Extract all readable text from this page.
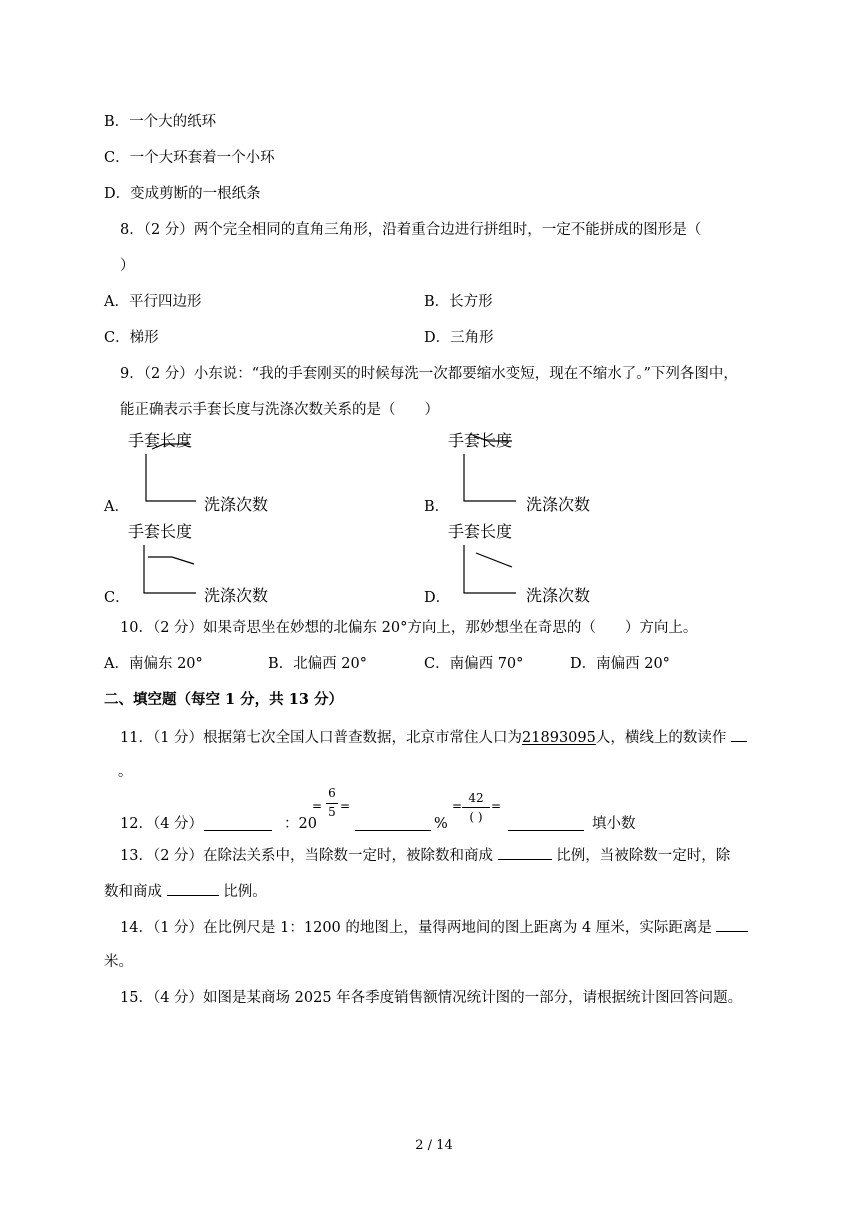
B．一个大的纸环
C．一个大环套着一个小环
D．变成剪断的一根纸条
8．（2 分）两个完全相同的直角三角形，沿着重合边进行拼组时，一定不能拼成的图形是（
）
A．平行四边形	B．长方形
C．梯形	D．三角形
9．（2 分）小东说：“我的手套刚买的时候每洗一次都要缩水变短，现在不缩水了。”下列各图中，
能正确表示手套长度与洗涤次数关系的是（　　）
A．
手套长度
洗涤次数	B．
手套长度
洗涤次数
C．
手套长度
洗涤次数	D．
手套长度
洗涤次数
10．（2 分）如果奇思坐在妙想的北偏东 20°方向上，那妙想坐在奇思的（　　）方向上。
A．南偏东 20°	B．北偏西 20°	C．南偏西 70°	D．南偏西 20°
二、填空题（每空 1 分，共 13 分）
11．（1 分）根据第七次全国人口普查数据，北京市常住人口为21893095人，横线上的数读作
。
12．（4 分）	：20
=
6
5 =
%
=
42
( )
=
填小数
13．（2 分）在除法关系中，当除数一定时，被除数和商成	比例，当被除数一定时，除
数和商成	比例。
14．（1 分）在比例尺是 1：1200 的地图上，量得两地间的图上距离为 4 厘米，实际距离是
米。
15．（4 分）如图是某商场 2025 年各季度销售额情况统计图的一部分，请根据统计图回答问题。
2 / 14
